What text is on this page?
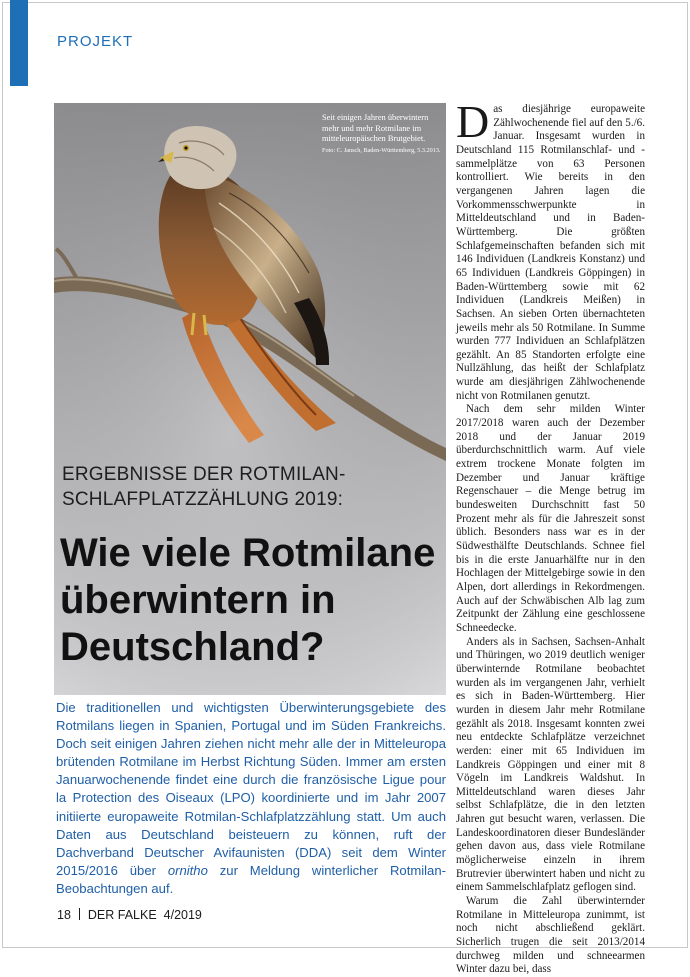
PROJEKT
Seit einigen Jahren überwintern mehr und mehr Rotmilane im mitteleuropäischen Brutgebiet.
Foto: C. Jansch, Baden-Württemberg, 5.3.2013.
ERGEBNISSE DER ROTMILAN-SCHLAFPLATZZÄHLUNG 2019:
Wie viele Rotmilane überwintern in Deutschland?

Die traditionellen und wichtigsten Überwinterungsgebiete des Rotmilans liegen in Spanien, Portugal und im Süden Frankreichs. Doch seit einigen Jahren ziehen nicht mehr alle der in Mitteleuropa brütenden Rotmilane im Herbst Richtung Süden. Immer am ersten Januarwochenende findet eine durch die französische Ligue pour la Protection des Oiseaux (LPO) koordinierte und im Jahr 2007 initiierte europaweite Rotmilan-Schlafplatzzählung statt. Um auch Daten aus Deutschland beisteuern zu können, ruft der Dachverband Deutscher Avifaunisten (DDA) seit dem Winter 2015/2016 über ornitho zur Meldung winterlicher Rotmilan-Beobachtungen auf.

Das diesjährige europaweite Zählwochenende fiel auf den 5./6. Januar. Insgesamt wurden in Deutschland 115 Rotmilanschlaf- und -sammelplätze von 63 Personen kontrolliert. Wie bereits in den vergangenen Jahren lagen die Vorkommensschwerpunkte in Mitteldeutschland und in Baden-Württemberg. Die größten Schlafgemeinschaften befanden sich mit 146 Individuen (Landkreis Konstanz) und 65 Individuen (Landkreis Göppingen) in Baden-Württemberg sowie mit 62 Individuen (Landkreis Meißen) in Sachsen. An sieben Orten übernachteten jeweils mehr als 50 Rotmilane. In Summe wurden 777 Individuen an Schlafplätzen gezählt. An 85 Standorten erfolgte eine Nullzählung, das heißt der Schlafplatz wurde am diesjährigen Zählwochenende nicht von Rotmilanen genutzt.

Nach dem sehr milden Winter 2017/2018 waren auch der Dezember 2018 und der Januar 2019 überdurchschnittlich warm. Auf viele extrem trockene Monate folgten im Dezember und Januar kräftige Regenschauer – die Menge betrug im bundesweiten Durchschnitt fast 50 Prozent mehr als für die Jahreszeit sonst üblich. Besonders nass war es in der Südwesthälfte Deutschlands. Schnee fiel bis in die erste Januarhälfte nur in den Hochlagen der Mittelgebirge sowie in den Alpen, dort allerdings in Rekordmengen. Auch auf der Schwäbischen Alb lag zum Zeitpunkt der Zählung eine geschlossene Schneedecke.

Anders als in Sachsen, Sachsen-Anhalt und Thüringen, wo 2019 deutlich weniger überwinternde Rotmilane beobachtet wurden als im vergangenen Jahr, verhielt es sich in Baden-Württemberg. Hier wurden in diesem Jahr mehr Rotmilane gezählt als 2018. Insgesamt konnten zwei neu entdeckte Schlafplätze verzeichnet werden: einer mit 65 Individuen im Landkreis Göppingen und einer mit 8 Vögeln im Landkreis Waldshut. In Mitteldeutschland waren dieses Jahr selbst Schlafplätze, die in den letzten Jahren gut besucht waren, verlassen. Die Landeskoordinatoren dieser Bundesländer gehen davon aus, dass viele Rotmilane möglicherweise einzeln in ihrem Brutrevier überwintert haben und nicht zu einem Sammelschlafplatz geflogen sind.

Warum die Zahl überwinternder Rotmilane in Mitteleuropa zunimmt, ist noch nicht abschließend geklärt. Sicherlich trugen die seit 2013/2014 durchweg milden und schneearmen Winter dazu bei, dass

18 DER FALKE 4/2019
